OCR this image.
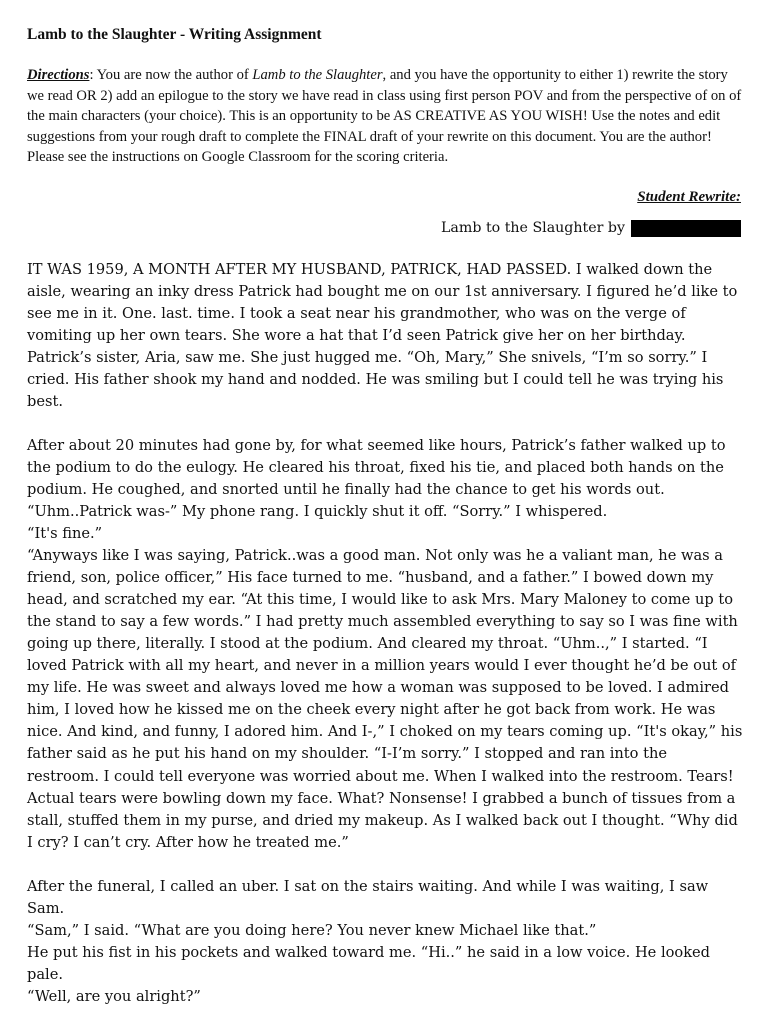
Lamb to the Slaughter - Writing Assignment

Directions: You are now the author of Lamb to the Slaughter, and you have the opportunity to either 1) rewrite the story we read OR 2) add an epilogue to the story we have read in class using first person POV and from the perspective of on of the main characters (your choice). This is an opportunity to be AS CREATIVE AS YOU WISH! Use the notes and edit suggestions from your rough draft to complete the FINAL draft of your rewrite on this document. You are the author! Please see the instructions on Google Classroom for the scoring criteria.

Student Rewrite:
Lamb to the Slaughter by

IT WAS 1959, A MONTH AFTER MY HUSBAND, PATRICK, HAD PASSED. I walked down the aisle, wearing an inky dress Patrick had bought me on our 1st anniversary. I figured he’d like to see me in it. One. last. time. I took a seat near his grandmother, who was on the verge of vomiting up her own tears. She wore a hat that I’d seen Patrick give her on her birthday. Patrick’s sister, Aria, saw me. She just hugged me. “Oh, Mary,” She snivels, “I’m so sorry.” I cried. His father shook my hand and nodded. He was smiling but I could tell he was trying his best.

After about 20 minutes had gone by, for what seemed like hours, Patrick’s father walked up to the podium to do the eulogy. He cleared his throat, fixed his tie, and placed both hands on the podium. He coughed, and snorted until he finally had the chance to get his words out. “Uhm..Patrick was-” My phone rang. I quickly shut it off. “Sorry.” I whispered.

“It's fine.”

“Anyways like I was saying, Patrick..was a good man. Not only was he a valiant man, he was a friend, son, police officer,” His face turned to me. “husband, and a father.” I bowed down my head, and scratched my ear. “At this time, I would like to ask Mrs. Mary Maloney to come up to the stand to say a few words.” I had pretty much assembled everything to say so I was fine with going up there, literally. I stood at the podium. And cleared my throat. “Uhm..,” I started. “I loved Patrick with all my heart, and never in a million years would I ever thought he’d be out of my life. He was sweet and always loved me how a woman was supposed to be loved. I admired him, I loved how he kissed me on the cheek every night after he got back from work. He was nice. And kind, and funny, I adored him. And I-,” I choked on my tears coming up. “It's okay,” his father said as he put his hand on my shoulder. “I-I’m sorry.” I stopped and ran into the restroom. I could tell everyone was worried about me. When I walked into the restroom. Tears! Actual tears were bowling down my face. What? Nonsense! I grabbed a bunch of tissues from a stall, stuffed them in my purse, and dried my makeup. As I walked back out I thought. “Why did I cry? I can’t cry. After how he treated me.”

After the funeral, I called an uber. I sat on the stairs waiting. And while I was waiting, I saw Sam.

“Sam,” I said. “What are you doing here? You never knew Michael like that.”

He put his fist in his pockets and walked toward me. “Hi..” he said in a low voice. He looked pale.

“Well, are you alright?”
